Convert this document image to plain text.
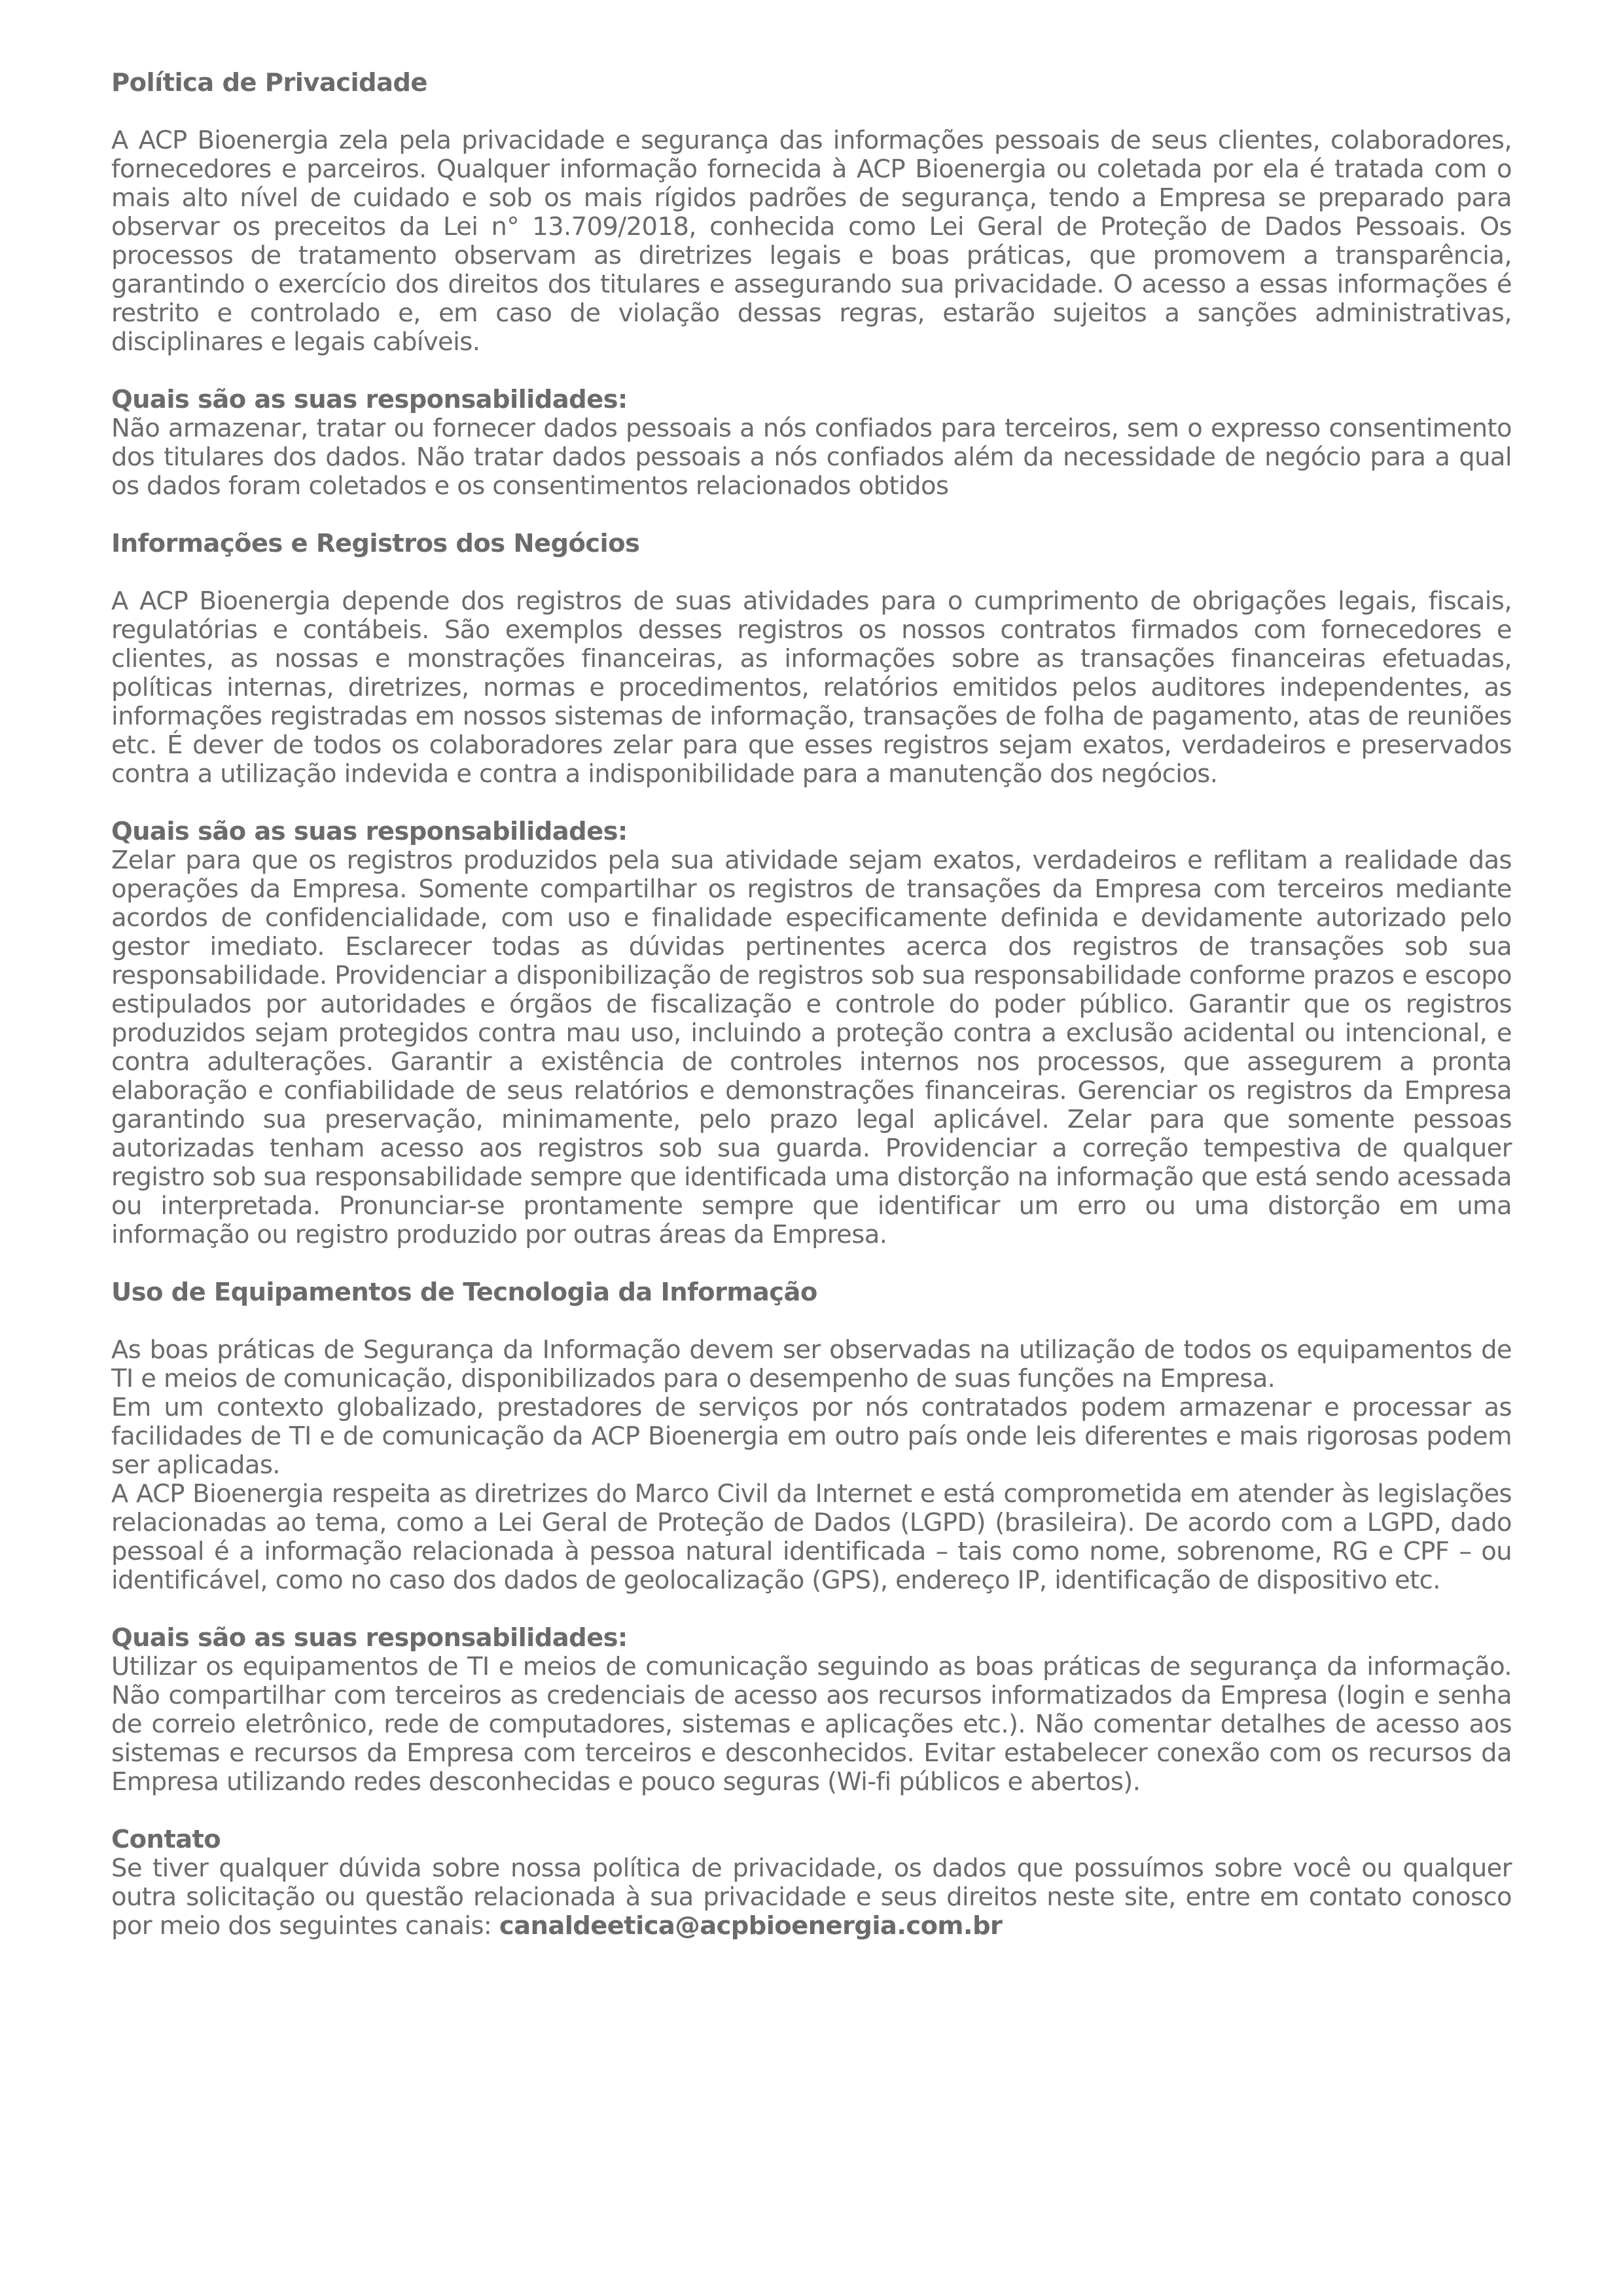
Política de Privacidade

A ACP Bioenergia zela pela privacidade e segurança das informações pessoais de seus clientes, colaboradores, fornecedores e parceiros. Qualquer informação fornecida à ACP Bioenergia ou coletada por ela é tratada com o mais alto nível de cuidado e sob os mais rígidos padrões de segurança, tendo a Empresa se preparado para observar os preceitos da Lei n° 13.709/2018, conhecida como Lei Geral de Proteção de Dados Pessoais. Os processos de tratamento observam as diretrizes legais e boas práticas, que promovem a transparência, garantindo o exercício dos direitos dos titulares e assegurando sua privacidade. O acesso a essas informações é restrito e controlado e, em caso de violação dessas regras, estarão sujeitos a sanções administrativas, disciplinares e legais cabíveis.

Quais são as suas responsabilidades:

Não armazenar, tratar ou fornecer dados pessoais a nós confiados para terceiros, sem o expresso consentimento dos titulares dos dados. Não tratar dados pessoais a nós confiados além da necessidade de negócio para a qual os dados foram coletados e os consentimentos relacionados obtidos

Informações e Registros dos Negócios

A ACP Bioenergia depende dos registros de suas atividades para o cumprimento de obrigações legais, fiscais, regulatórias e contábeis. São exemplos desses registros os nossos contratos firmados com fornecedores e clientes, as nossas e monstrações financeiras, as informações sobre as transações financeiras efetuadas, políticas internas, diretrizes, normas e procedimentos, relatórios emitidos pelos auditores independentes, as informações registradas em nossos sistemas de informação, transações de folha de pagamento, atas de reuniões etc. É dever de todos os colaboradores zelar para que esses registros sejam exatos, verdadeiros e preservados contra a utilização indevida e contra a indisponibilidade para a manutenção dos negócios.

Quais são as suas responsabilidades:

Zelar para que os registros produzidos pela sua atividade sejam exatos, verdadeiros e reflitam a realidade das operações da Empresa. Somente compartilhar os registros de transações da Empresa com terceiros mediante acordos de confidencialidade, com uso e finalidade especificamente definida e devidamente autorizado pelo gestor imediato. Esclarecer todas as dúvidas pertinentes acerca dos registros de transações sob sua responsabilidade. Providenciar a disponibilização de registros sob sua responsabilidade conforme prazos e escopo estipulados por autoridades e órgãos de fiscalização e controle do poder público. Garantir que os registros produzidos sejam protegidos contra mau uso, incluindo a proteção contra a exclusão acidental ou intencional, e contra adulterações. Garantir a existência de controles internos nos processos, que assegurem a pronta elaboração e confiabilidade de seus relatórios e demonstrações financeiras. Gerenciar os registros da Empresa garantindo sua preservação, minimamente, pelo prazo legal aplicável. Zelar para que somente pessoas autorizadas tenham acesso aos registros sob sua guarda. Providenciar a correção tempestiva de qualquer registro sob sua responsabilidade sempre que identificada uma distorção na informação que está sendo acessada ou interpretada. Pronunciar-se prontamente sempre que identificar um erro ou uma distorção em uma informação ou registro produzido por outras áreas da Empresa.

Uso de Equipamentos de Tecnologia da Informação

As boas práticas de Segurança da Informação devem ser observadas na utilização de todos os equipamentos de TI e meios de comunicação, disponibilizados para o desempenho de suas funções na Empresa.

Em um contexto globalizado, prestadores de serviços por nós contratados podem armazenar e processar as facilidades de TI e de comunicação da ACP Bioenergia em outro país onde leis diferentes e mais rigorosas podem ser aplicadas.

A ACP Bioenergia respeita as diretrizes do Marco Civil da Internet e está comprometida em atender às legislações relacionadas ao tema, como a Lei Geral de Proteção de Dados (LGPD) (brasileira). De acordo com a LGPD, dado pessoal é a informação relacionada à pessoa natural identificada – tais como nome, sobrenome, RG e CPF – ou identificável, como no caso dos dados de geolocalização (GPS), endereço IP, identificação de dispositivo etc.

Quais são as suas responsabilidades:

Utilizar os equipamentos de TI e meios de comunicação seguindo as boas práticas de segurança da informação. Não compartilhar com terceiros as credenciais de acesso aos recursos informatizados da Empresa (login e senha de correio eletrônico, rede de computadores, sistemas e aplicações etc.). Não comentar detalhes de acesso aos sistemas e recursos da Empresa com terceiros e desconhecidos. Evitar estabelecer conexão com os recursos da Empresa utilizando redes desconhecidas e pouco seguras (Wi-fi públicos e abertos).

Contato

Se tiver qualquer dúvida sobre nossa política de privacidade, os dados que possuímos sobre você ou qualquer outra solicitação ou questão relacionada à sua privacidade e seus direitos neste site, entre em contato conosco por meio dos seguintes canais: canaldeetica@acpbioenergia.com.br
